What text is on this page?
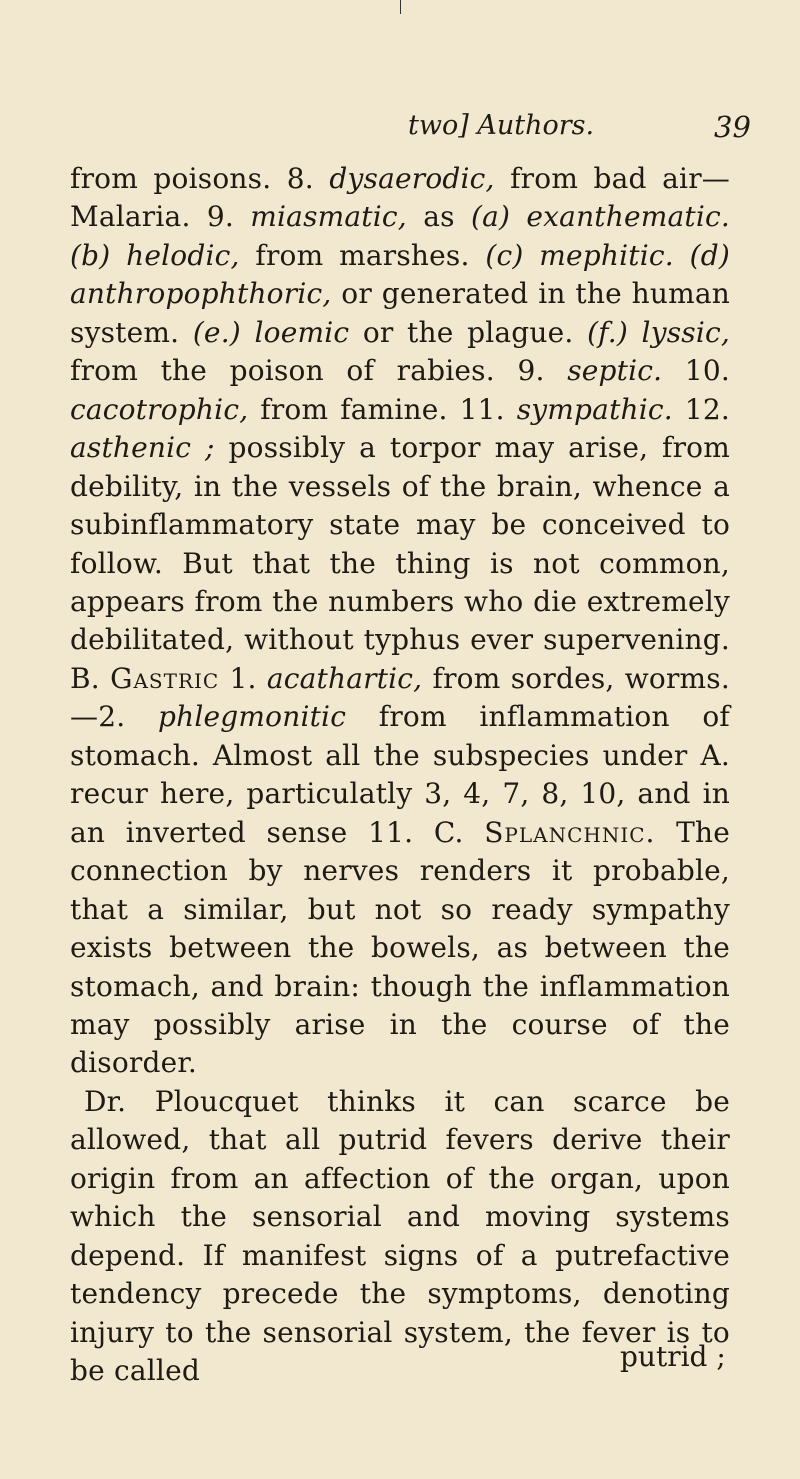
two] Authors.	39

from poisons. 8. dysaerodic, from bad air— Malaria. 9. miasmatic, as (a) exanthematic. (b) helodic, from marshes. (c) mephitic. (d) anthropophthoric, or generated in the human system. (e.) loemic or the plague. (f.) lyssic, from the poison of rabies. 9. septic. 10. cacotrophic, from famine. 11. sympathic. 12. asthenic ; possibly a torpor may arise, from debility, in the vessels of the brain, whence a subinflammatory state may be conceived to follow. But that the thing is not common, appears from the numbers who die extremely debilitated, without typhus ever supervening. B. Gastric 1. acathartic, from sordes, worms.—2. phlegmonitic from inflammation of stomach. Almost all the subspecies under A. recur here, particulatly 3, 4, 7, 8, 10, and in an inverted sense 11. C. Splanchnic. The connection by nerves renders it probable, that a similar, but not so ready sympathy exists between the bowels, as between the stomach, and brain: though the inflammation may possibly arise in the course of the disorder.

Dr. Ploucquet thinks it can scarce be allowed, that all putrid fevers derive their origin from an affection of the organ, upon which the sensorial and moving systems depend. If manifest signs of a putrefactive tendency precede the symptoms, denoting injury to the sensorial system, the fever is to be called	putrid ;
